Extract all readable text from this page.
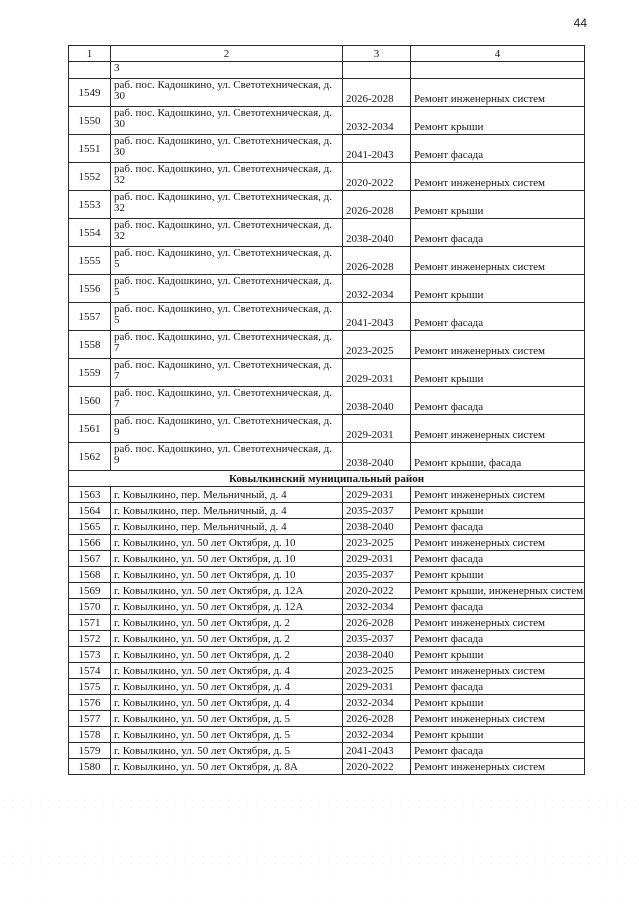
44
1	2	3	4
	3		
1549	раб. пос. Кадошкино, ул. Светотехническая, д. 30	2026-2028	Ремонт инженерных систем
1550	раб. пос. Кадошкино, ул. Светотехническая, д. 30	2032-2034	Ремонт крыши
1551	раб. пос. Кадошкино, ул. Светотехническая, д. 30	2041-2043	Ремонт фасада
1552	раб. пос. Кадошкино, ул. Светотехническая, д. 32	2020-2022	Ремонт инженерных систем
1553	раб. пос. Кадошкино, ул. Светотехническая, д. 32	2026-2028	Ремонт крыши
1554	раб. пос. Кадошкино, ул. Светотехническая, д. 32	2038-2040	Ремонт фасада
1555	раб. пос. Кадошкино, ул. Светотехническая, д. 5	2026-2028	Ремонт инженерных систем
1556	раб. пос. Кадошкино, ул. Светотехническая, д. 5	2032-2034	Ремонт крыши
1557	раб. пос. Кадошкино, ул. Светотехническая, д. 5	2041-2043	Ремонт фасада
1558	раб. пос. Кадошкино, ул. Светотехническая, д. 7	2023-2025	Ремонт инженерных систем
1559	раб. пос. Кадошкино, ул. Светотехническая, д. 7	2029-2031	Ремонт крыши
1560	раб. пос. Кадошкино, ул. Светотехническая, д. 7	2038-2040	Ремонт фасада
1561	раб. пос. Кадошкино, ул. Светотехническая, д. 9	2029-2031	Ремонт инженерных систем
1562	раб. пос. Кадошкино, ул. Светотехническая, д. 9	2038-2040	Ремонт крыши, фасада
Ковылкинский муниципальный район			
1563	г. Ковылкино, пер. Мельничный, д. 4	2029-2031	Ремонт инженерных систем
1564	г. Ковылкино, пер. Мельничный, д. 4	2035-2037	Ремонт крыши
1565	г. Ковылкино, пер. Мельничный, д. 4	2038-2040	Ремонт фасада
1566	г. Ковылкино, ул. 50 лет Октября, д. 10	2023-2025	Ремонт инженерных систем
1567	г. Ковылкино, ул. 50 лет Октября, д. 10	2029-2031	Ремонт фасада
1568	г. Ковылкино, ул. 50 лет Октября, д. 10	2035-2037	Ремонт крыши
1569	г. Ковылкино, ул. 50 лет Октября, д. 12А	2020-2022	Ремонт крыши, инженерных систем
1570	г. Ковылкино, ул. 50 лет Октября, д. 12А	2032-2034	Ремонт фасада
1571	г. Ковылкино, ул. 50 лет Октября, д. 2	2026-2028	Ремонт инженерных систем
1572	г. Ковылкино, ул. 50 лет Октября, д. 2	2035-2037	Ремонт фасада
1573	г. Ковылкино, ул. 50 лет Октября, д. 2	2038-2040	Ремонт крыши
1574	г. Ковылкино, ул. 50 лет Октября, д. 4	2023-2025	Ремонт инженерных систем
1575	г. Ковылкино, ул. 50 лет Октября, д. 4	2029-2031	Ремонт фасада
1576	г. Ковылкино, ул. 50 лет Октября, д. 4	2032-2034	Ремонт крыши
1577	г. Ковылкино, ул. 50 лет Октября, д. 5	2026-2028	Ремонт инженерных систем
1578	г. Ковылкино, ул. 50 лет Октября, д. 5	2032-2034	Ремонт крыши
1579	г. Ковылкино, ул. 50 лет Октября, д. 5	2041-2043	Ремонт фасада
1580	г. Ковылкино, ул. 50 лет Октября, д. 8А	2020-2022	Ремонт инженерных систем
